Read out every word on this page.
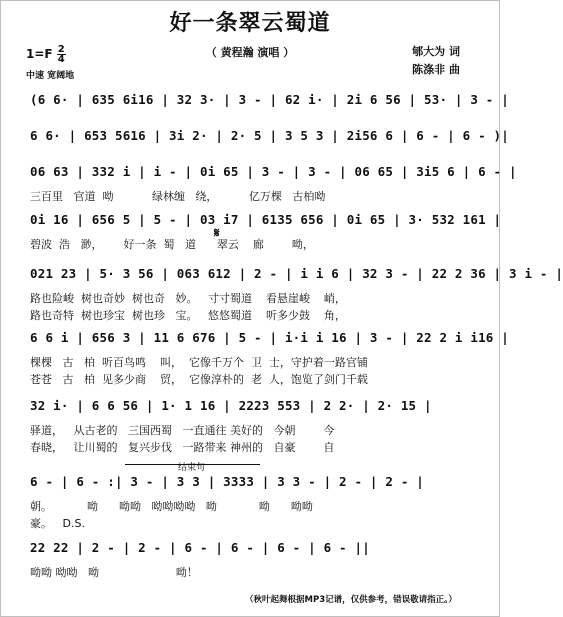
好一条翠云蜀道
（ 黄程瀚 演唱 ）	郇大为 词
陈涤非 曲
$1=F \frac{2}{4}$
中速 宽阔地
(6 6· | 635 6i16 | 32 3· | 3 - | 62 i· | 2i 6 56 | 53· | 3 - |
6 6· | 653 5616 | 3i 2· | 2· 5 | 3 5 3 | 2i56 6 | 6 - | 6 - )|
06 63 | 332 i | i - | 0i 65 | 3 - | 3 - | 06 65 | 3i5 6 | 6 - |
三百里   官道  呦           绿林缠   绕，         亿万棵   古柏呦
0i 16 | 656 5 | 5 - | 03 i7 | 6135 656 | 0i 65 | 3· 532 161 |
碧波  浩   渺，      好一条  蜀   道      翠云    廊        呦，
𝄋
021 23 | 5· 3 56 | 063 612 | 2 - | i i 6 | 32 3 - | 22 2 36 | 3 i - |
路也险峻  树也奇妙  树也奇   妙。   寸寸蜀道    看悬崖峻    峭，
路也奇特  树也珍宝  树也珍   宝。   悠悠蜀道    听多少鼓    角，
6 6 i | 656 3 | 11 6 676 | 5 - | i·i i 16 | 3 - | 22 2 i i16 |
棵棵   古   柏  听百鸟鸣    叫，  它像千万个  卫  士，守护着一路官铺
苍苍   古   柏  见多少商    贸，  它像淳朴的  老  人，饱览了剑门千载
32 i· | 6 6 56 | 1· 1 16 | 2223 553 | 2 2· | 2· 15 |
驿道，   从古老的   三国西蜀   一直通往 美好的   今朝        今
春晓，   让川蜀的   复兴步伐   一路带来 神州的   自豪        自
结束句
6 - | 6 - :| 3 - | 3 3 | 3333 | 3 3 - | 2 - | 2 - |
朝。          呦      呦呦   呦呦呦呦   呦            呦      呦呦
豪。   D.S.
22 22 | 2 - | 2 - | 6 - | 6 - | 6 - | 6 - ||
呦呦 呦呦   呦                      呦！
（秋叶起舞根据MP3记谱，仅供参考，错误敬请指正。）
